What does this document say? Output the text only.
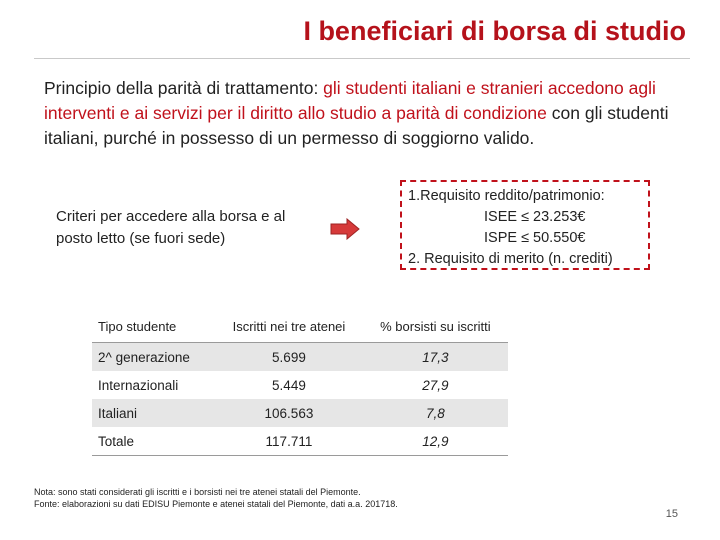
I beneficiari di borsa di studio
Principio della parità di trattamento: gli studenti italiani e stranieri accedono agli interventi e ai servizi per il diritto allo studio a parità di condizione con gli studenti italiani, purché in possesso di un permesso di soggiorno valido.
Criteri per accedere alla borsa e al posto letto (se fuori sede)
1.Requisito reddito/patrimonio:
ISEE ≤ 23.253€
ISPE ≤ 50.550€
2. Requisito di merito (n. crediti)
Tipo studente	Iscritti nei tre atenei	% borsisti su iscritti
2^ generazione	5.699	17,3
Internazionali	5.449	27,9
Italiani	106.563	7,8
Totale	117.711	12,9
Nota: sono stati considerati gli iscritti e i borsisti nei tre atenei statali del Piemonte.
Fonte: elaborazioni su dati EDISU Piemonte e atenei statali del Piemonte, dati a.a. 201718.
15
